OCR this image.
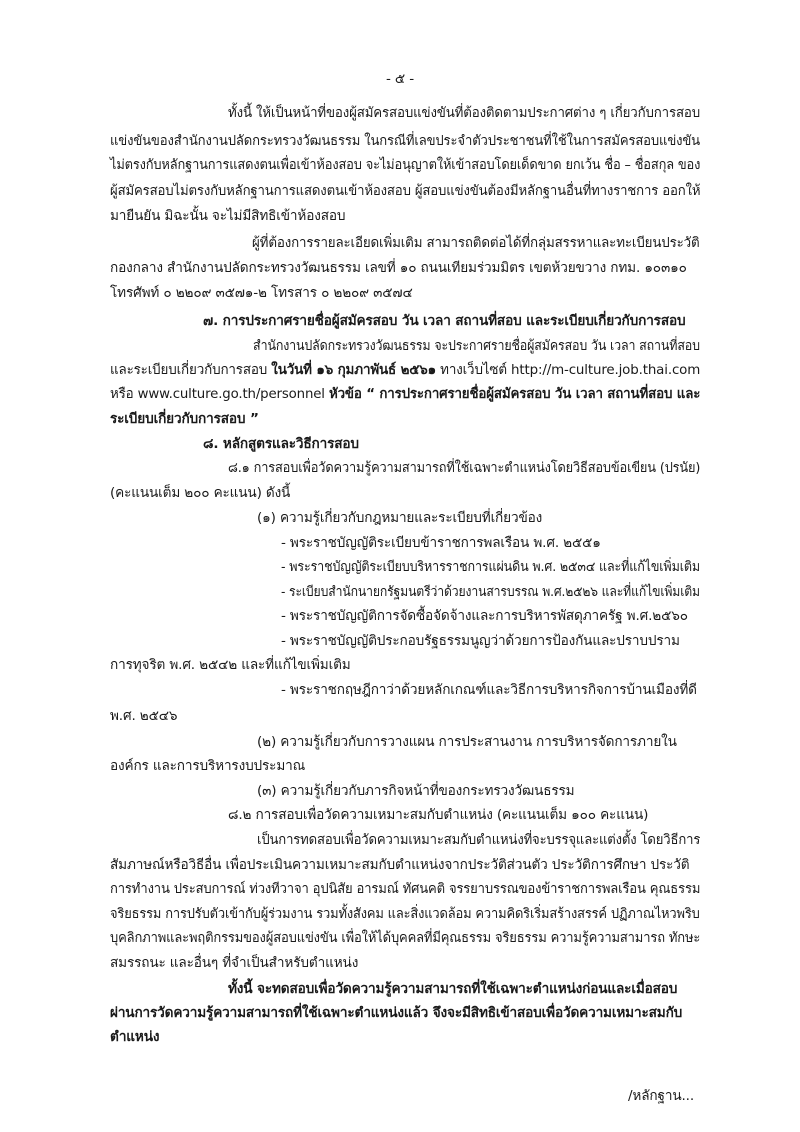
- ๕ -
ทั้งนี้ ให้เป็นหน้าที่ของผู้สมัครสอบแข่งขันที่ต้องติดตามประกาศต่าง ๆ เกี่ยวกับการสอบ
แข่งขันของสำนักงานปลัดกระทรวงวัฒนธรรม ในกรณีที่เลขประจำตัวประชาชนที่ใช้ในการสมัครสอบแข่งขัน
ไม่ตรงกับหลักฐานการแสดงตนเพื่อเข้าห้องสอบ จะไม่อนุญาตให้เข้าสอบโดยเด็ดขาด ยกเว้น ชื่อ – ชื่อสกุล ของ
ผู้สมัครสอบไม่ตรงกับหลักฐานการแสดงตนเข้าห้องสอบ ผู้สอบแข่งขันต้องมีหลักฐานอื่นที่ทางราชการ ออกให้
มายืนยัน มิฉะนั้น จะไม่มีสิทธิเข้าห้องสอบ
ผู้ที่ต้องการรายละเอียดเพิ่มเติม สามารถติดต่อได้ที่กลุ่มสรรหาและทะเบียนประวัติ
กองกลาง สำนักงานปลัดกระทรวงวัฒนธรรม เลขที่ ๑๐ ถนนเทียมร่วมมิตร เขตห้วยขวาง กทม. ๑๐๓๑๐
โทรศัพท์ ๐ ๒๒๐๙ ๓๕๗๑-๒ โทรสาร ๐ ๒๒๐๙ ๓๕๗๔
๗. การประกาศรายชื่อผู้สมัครสอบ วัน เวลา สถานที่สอบ และระเบียบเกี่ยวกับการสอบ
สำนักงานปลัดกระทรวงวัฒนธรรม จะประกาศรายชื่อผู้สมัครสอบ วัน เวลา สถานที่สอบ
และระเบียบเกี่ยวกับการสอบ ในวันที่ ๑๖ กุมภาพันธ์ ๒๕๖๑ ทางเว็บไซต์ http://m-culture.job.thai.com
หรือ www.culture.go.th/personnel หัวข้อ “ การประกาศรายชื่อผู้สมัครสอบ วัน เวลา สถานที่สอบ และ
ระเบียบเกี่ยวกับการสอบ ”
๘. หลักสูตรและวิธีการสอบ
๘.๑ การสอบเพื่อวัดความรู้ความสามารถที่ใช้เฉพาะตำแหน่งโดยวิธีสอบข้อเขียน (ปรนัย)
(คะแนนเต็ม ๒๐๐ คะแนน) ดังนี้
(๑) ความรู้เกี่ยวกับกฎหมายและระเบียบที่เกี่ยวข้อง
- พระราชบัญญัติระเบียบข้าราชการพลเรือน พ.ศ. ๒๕๕๑
- พระราชบัญญัติระเบียบบริหารราชการแผ่นดิน พ.ศ. ๒๕๓๔ และที่แก้ไขเพิ่มเติม
- ระเบียบสำนักนายกรัฐมนตรีว่าด้วยงานสารบรรณ พ.ศ.๒๕๒๖ และที่แก้ไขเพิ่มเติม
- พระราชบัญญัติการจัดซื้อจัดจ้างและการบริหารพัสดุภาครัฐ พ.ศ.๒๕๖๐
- พระราชบัญญัติประกอบรัฐธรรมนูญว่าด้วยการป้องกันและปราบปราม
การทุจริต พ.ศ. ๒๕๔๒ และที่แก้ไขเพิ่มเติม
- พระราชกฤษฎีกาว่าด้วยหลักเกณฑ์และวิธีการบริหารกิจการบ้านเมืองที่ดี
พ.ศ. ๒๕๔๖
(๒) ความรู้เกี่ยวกับการวางแผน การประสานงาน การบริหารจัดการภายใน
องค์กร และการบริหารงบประมาณ
(๓) ความรู้เกี่ยวกับภารกิจหน้าที่ของกระทรวงวัฒนธรรม
๘.๒ การสอบเพื่อวัดความเหมาะสมกับตำแหน่ง (คะแนนเต็ม ๑๐๐ คะแนน)
เป็นการทดสอบเพื่อวัดความเหมาะสมกับตำแหน่งที่จะบรรจุและแต่งตั้ง โดยวิธีการ
สัมภาษณ์หรือวิธีอื่น เพื่อประเมินความเหมาะสมกับตำแหน่งจากประวัติส่วนตัว ประวัติการศึกษา ประวัติ
การทำงาน ประสบการณ์ ท่วงทีวาจา อุปนิสัย อารมณ์ ทัศนคติ จรรยาบรรณของข้าราชการพลเรือน คุณธรรม
จริยธรรม การปรับตัวเข้ากับผู้ร่วมงาน รวมทั้งสังคม และสิ่งแวดล้อม ความคิดริเริ่มสร้างสรรค์ ปฏิภาณไหวพริบ
บุคลิกภาพและพฤติกรรมของผู้สอบแข่งขัน เพื่อให้ได้บุคคลที่มีคุณธรรม จริยธรรม ความรู้ความสามารถ ทักษะ
สมรรถนะ และอื่นๆ ที่จำเป็นสำหรับตำแหน่ง
ทั้งนี้ จะทดสอบเพื่อวัดความรู้ความสามารถที่ใช้เฉพาะตำแหน่งก่อนและเมื่อสอบ
ผ่านการวัดความรู้ความสามารถที่ใช้เฉพาะตำแหน่งแล้ว จึงจะมีสิทธิเข้าสอบเพื่อวัดความเหมาะสมกับ
ตำแหน่ง
/หลักฐาน...
